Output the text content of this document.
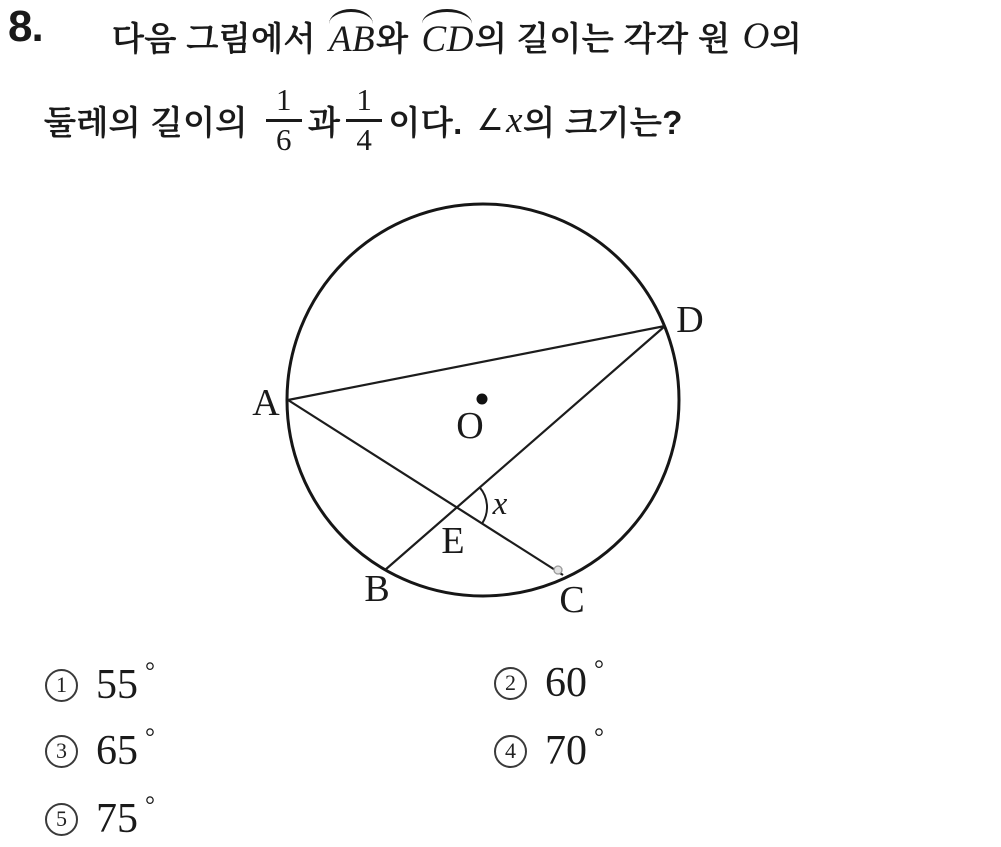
8. 다음 그림에서 AB 와 CD 의 길이는 각각 원 O 의
둘레의 길이의 $\frac{1}{6}$ 과 $\frac{1}{4}$ 이다. ∠ x 의 크기는?
A
B	C
D
E
O
x
1 55 °	2 60 °
3 65 °	4 70 °
5 75 °
